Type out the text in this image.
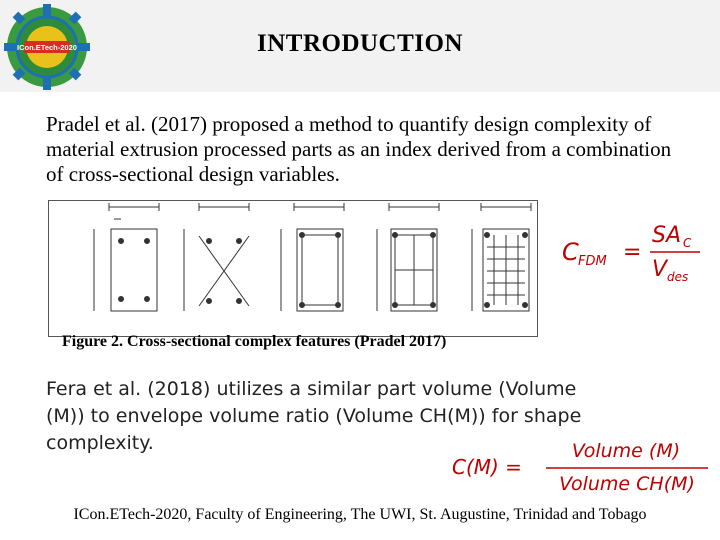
ICon.ETech-2020	INTRODUCTION

Pradel et al. (2017) proposed a method to quantify design complexity of material extrusion processed parts as an index derived from a combination of cross-sectional design variables.

Figure 2. Cross-sectional complex features (Pradel 2017)
C FDM =
SA C
V des

Fera et al. (2018) utilizes a similar part volume (Volume (M)) to envelope volume ratio (Volume CH(M)) for shape complexity.

C(M) =
Volume (M)
Volume CH(M)
ICon.ETech-2020, Faculty of Engineering, The UWI, St. Augustine, Trinidad and Tobago
